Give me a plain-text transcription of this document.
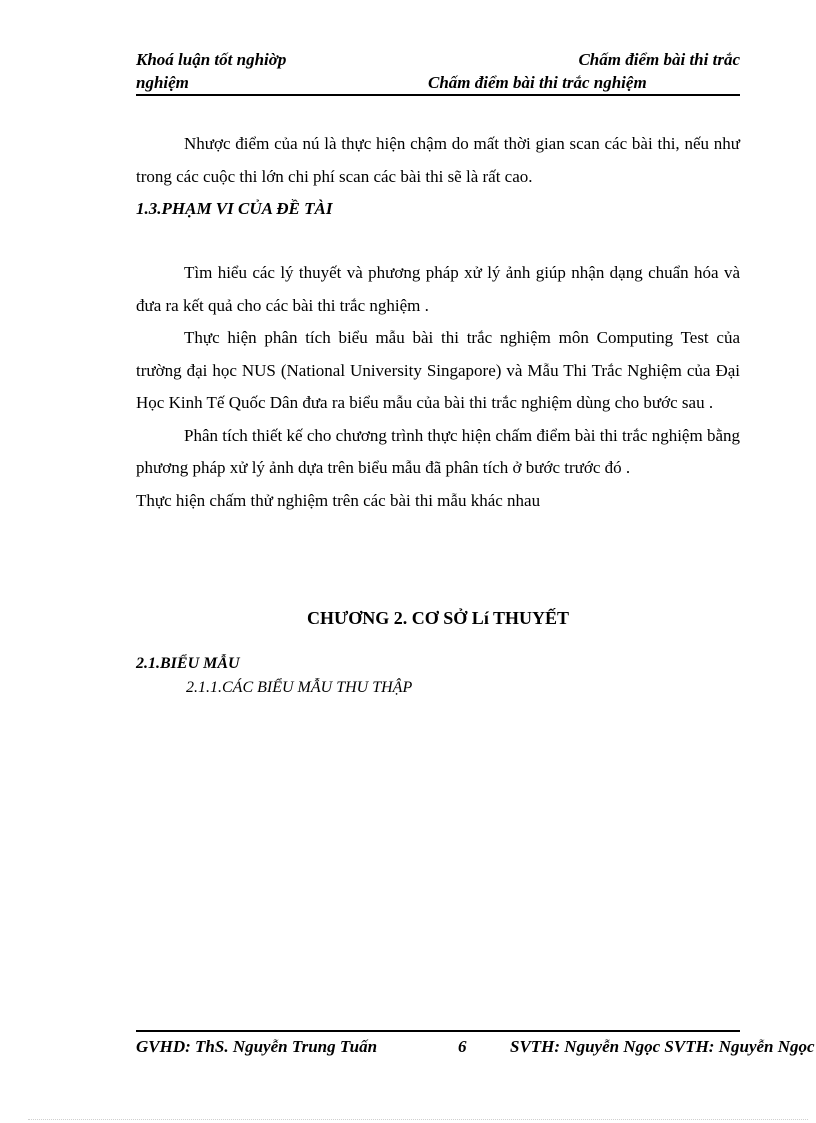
Khoá luận tốt nghiờp
nghiệm
Chấm điểm bài thi trắc
Chấm điểm bài thi trắc nghiệm

Nhược điểm của nú là thực hiện chậm do mất thời gian scan các bài thi, nếu như trong các cuộc thi lớn chi phí scan các bài thi sẽ là rất cao.

1.3.PHẠM VI CỦA ĐỀ TÀI

Tìm hiểu các lý thuyết và phương pháp xử lý ảnh giúp nhận dạng chuẩn hóa và đưa ra kết quả cho các bài thi trắc nghiệm .

Thực hiện phân tích biểu mẫu bài thi trắc nghiệm môn Computing Test của trường đại học NUS (National University Singapore) và Mẫu Thi Trắc Nghiệm của Đại Học Kinh Tế Quốc Dân đưa ra biểu mẫu của bài thi trắc nghiệm dùng cho bước sau .

Phân tích thiết kế cho chương trình thực hiện chấm điểm bài thi trắc nghiệm bằng phương pháp xử lý ảnh dựa trên biểu mẫu đã phân tích ở bước trước đó .

Thực hiện chấm thử nghiệm trên các bài thi mẫu khác nhau

CHƯƠNG 2. CƠ SỞ Lí THUYẾT
2.1.BIỂU MẪU
2.1.1.CÁC BIỂU MẪU THU THẬP
GVHD: ThS. Nguyễn Trung Tuấn	6	SVTH: Nguyễn Ngọc SVTH: Nguyễn Ngọc
